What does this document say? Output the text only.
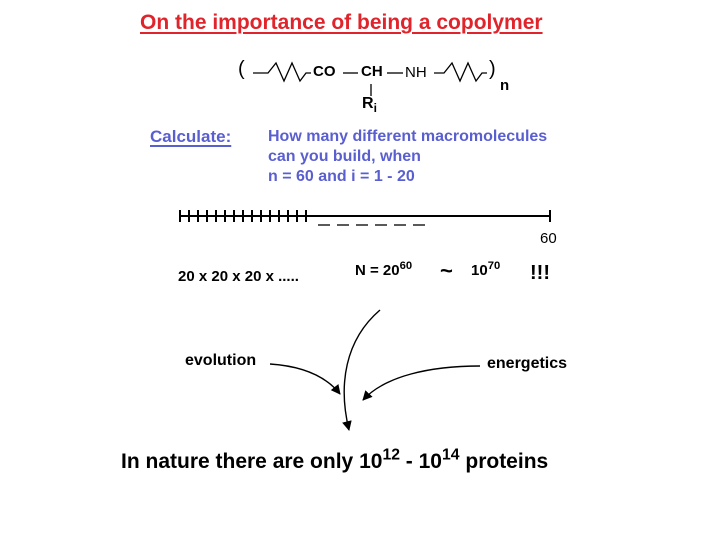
On the importance of being a copolymer
(	CO CH NH	)
n
$R_i$
Calculate: How many different macromolecules
can you build, when
n = 60 and i = 1 - 20
60
20 x 20 x 20 x .....	$N = 20^{60}$ ~ $10^{70}$ !!!
evolution	energetics
In nature there are only $10^{12} - 10^{14}$ proteins
